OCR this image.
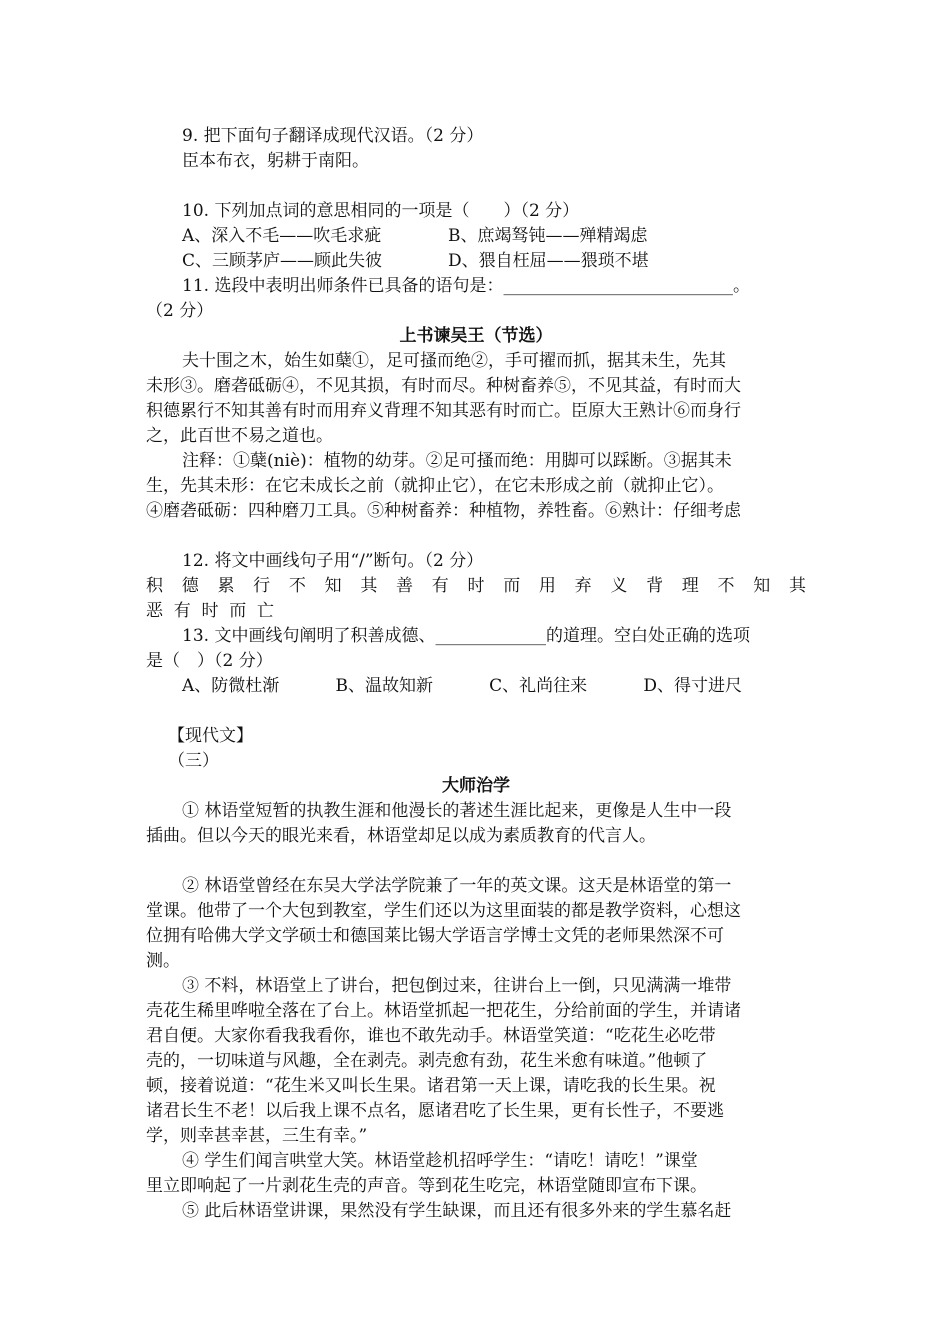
9. 把下面句子翻译成现代汉语。（2 分）
臣本布衣，躬耕于南阳。
10. 下列加点词的意思相同的一项是（　　）（2 分）
A、深入不毛——吹毛求疵	B、庶竭驽钝——殚精竭虑
C、三顾茅庐——顾此失彼	D、猥自枉屈——猥琐不堪
11. 选段中表明出师条件已具备的语句是：___________________________。
（2 分）
上书谏吴王（节选）
夫十围之木，始生如蘖①，足可搔而绝②，手可擢而抓，据其未生，先其
未形③。磨砻砥砺④，不见其损，有时而尽。种树畜养⑤，不见其益，有时而大
积德累行不知其善有时而用弃义背理不知其恶有时而亡。臣原大王熟计⑥而身行
之，此百世不易之道也。
注释：①蘖(niè)：植物的幼芽。②足可搔而绝：用脚可以踩断。③据其未
生，先其未形：在它未成长之前（就抑止它），在它未形成之前（就抑止它）。
④磨砻砥砺：四种磨刀工具。⑤种树畜养：种植物，养牲畜。⑥熟计：仔细考虑
12. 将文中画线句子用“/”断句。（2 分）
积 德 累 行 不 知 其 善 有 时 而 用 弃 义 背 理 不 知 其
恶 有 时 而 亡
13. 文中画线句阐明了积善成德、_____________的道理。空白处正确的选项
是（　）（2 分）
A、防微杜渐	B、温故知新	C、礼尚往来	D、得寸进尺
【现代文】
（三）
大师治学
① 林语堂短暂的执教生涯和他漫长的著述生涯比起来，更像是人生中一段
插曲。但以今天的眼光来看，林语堂却足以成为素质教育的代言人。
② 林语堂曾经在东吴大学法学院兼了一年的英文课。这天是林语堂的第一
堂课。他带了一个大包到教室，学生们还以为这里面装的都是教学资料，心想这
位拥有哈佛大学文学硕士和德国莱比锡大学语言学博士文凭的老师果然深不可
测。
③ 不料，林语堂上了讲台，把包倒过来，往讲台上一倒，只见满满一堆带
壳花生稀里哗啦全落在了台上。林语堂抓起一把花生，分给前面的学生，并请诸
君自便。大家你看我我看你，谁也不敢先动手。林语堂笑道：“吃花生必吃带
壳的，一切味道与风趣，全在剥壳。剥壳愈有劲，花生米愈有味道。”他顿了
顿，接着说道：“花生米又叫长生果。诸君第一天上课，请吃我的长生果。祝
诸君长生不老！以后我上课不点名，愿诸君吃了长生果，更有长性子，不要逃
学，则幸甚幸甚，三生有幸。”
④ 学生们闻言哄堂大笑。林语堂趁机招呼学生：“请吃！请吃！”课堂
里立即响起了一片剥花生壳的声音。等到花生吃完，林语堂随即宣布下课。
⑤ 此后林语堂讲课，果然没有学生缺课，而且还有很多外来的学生慕名赶
